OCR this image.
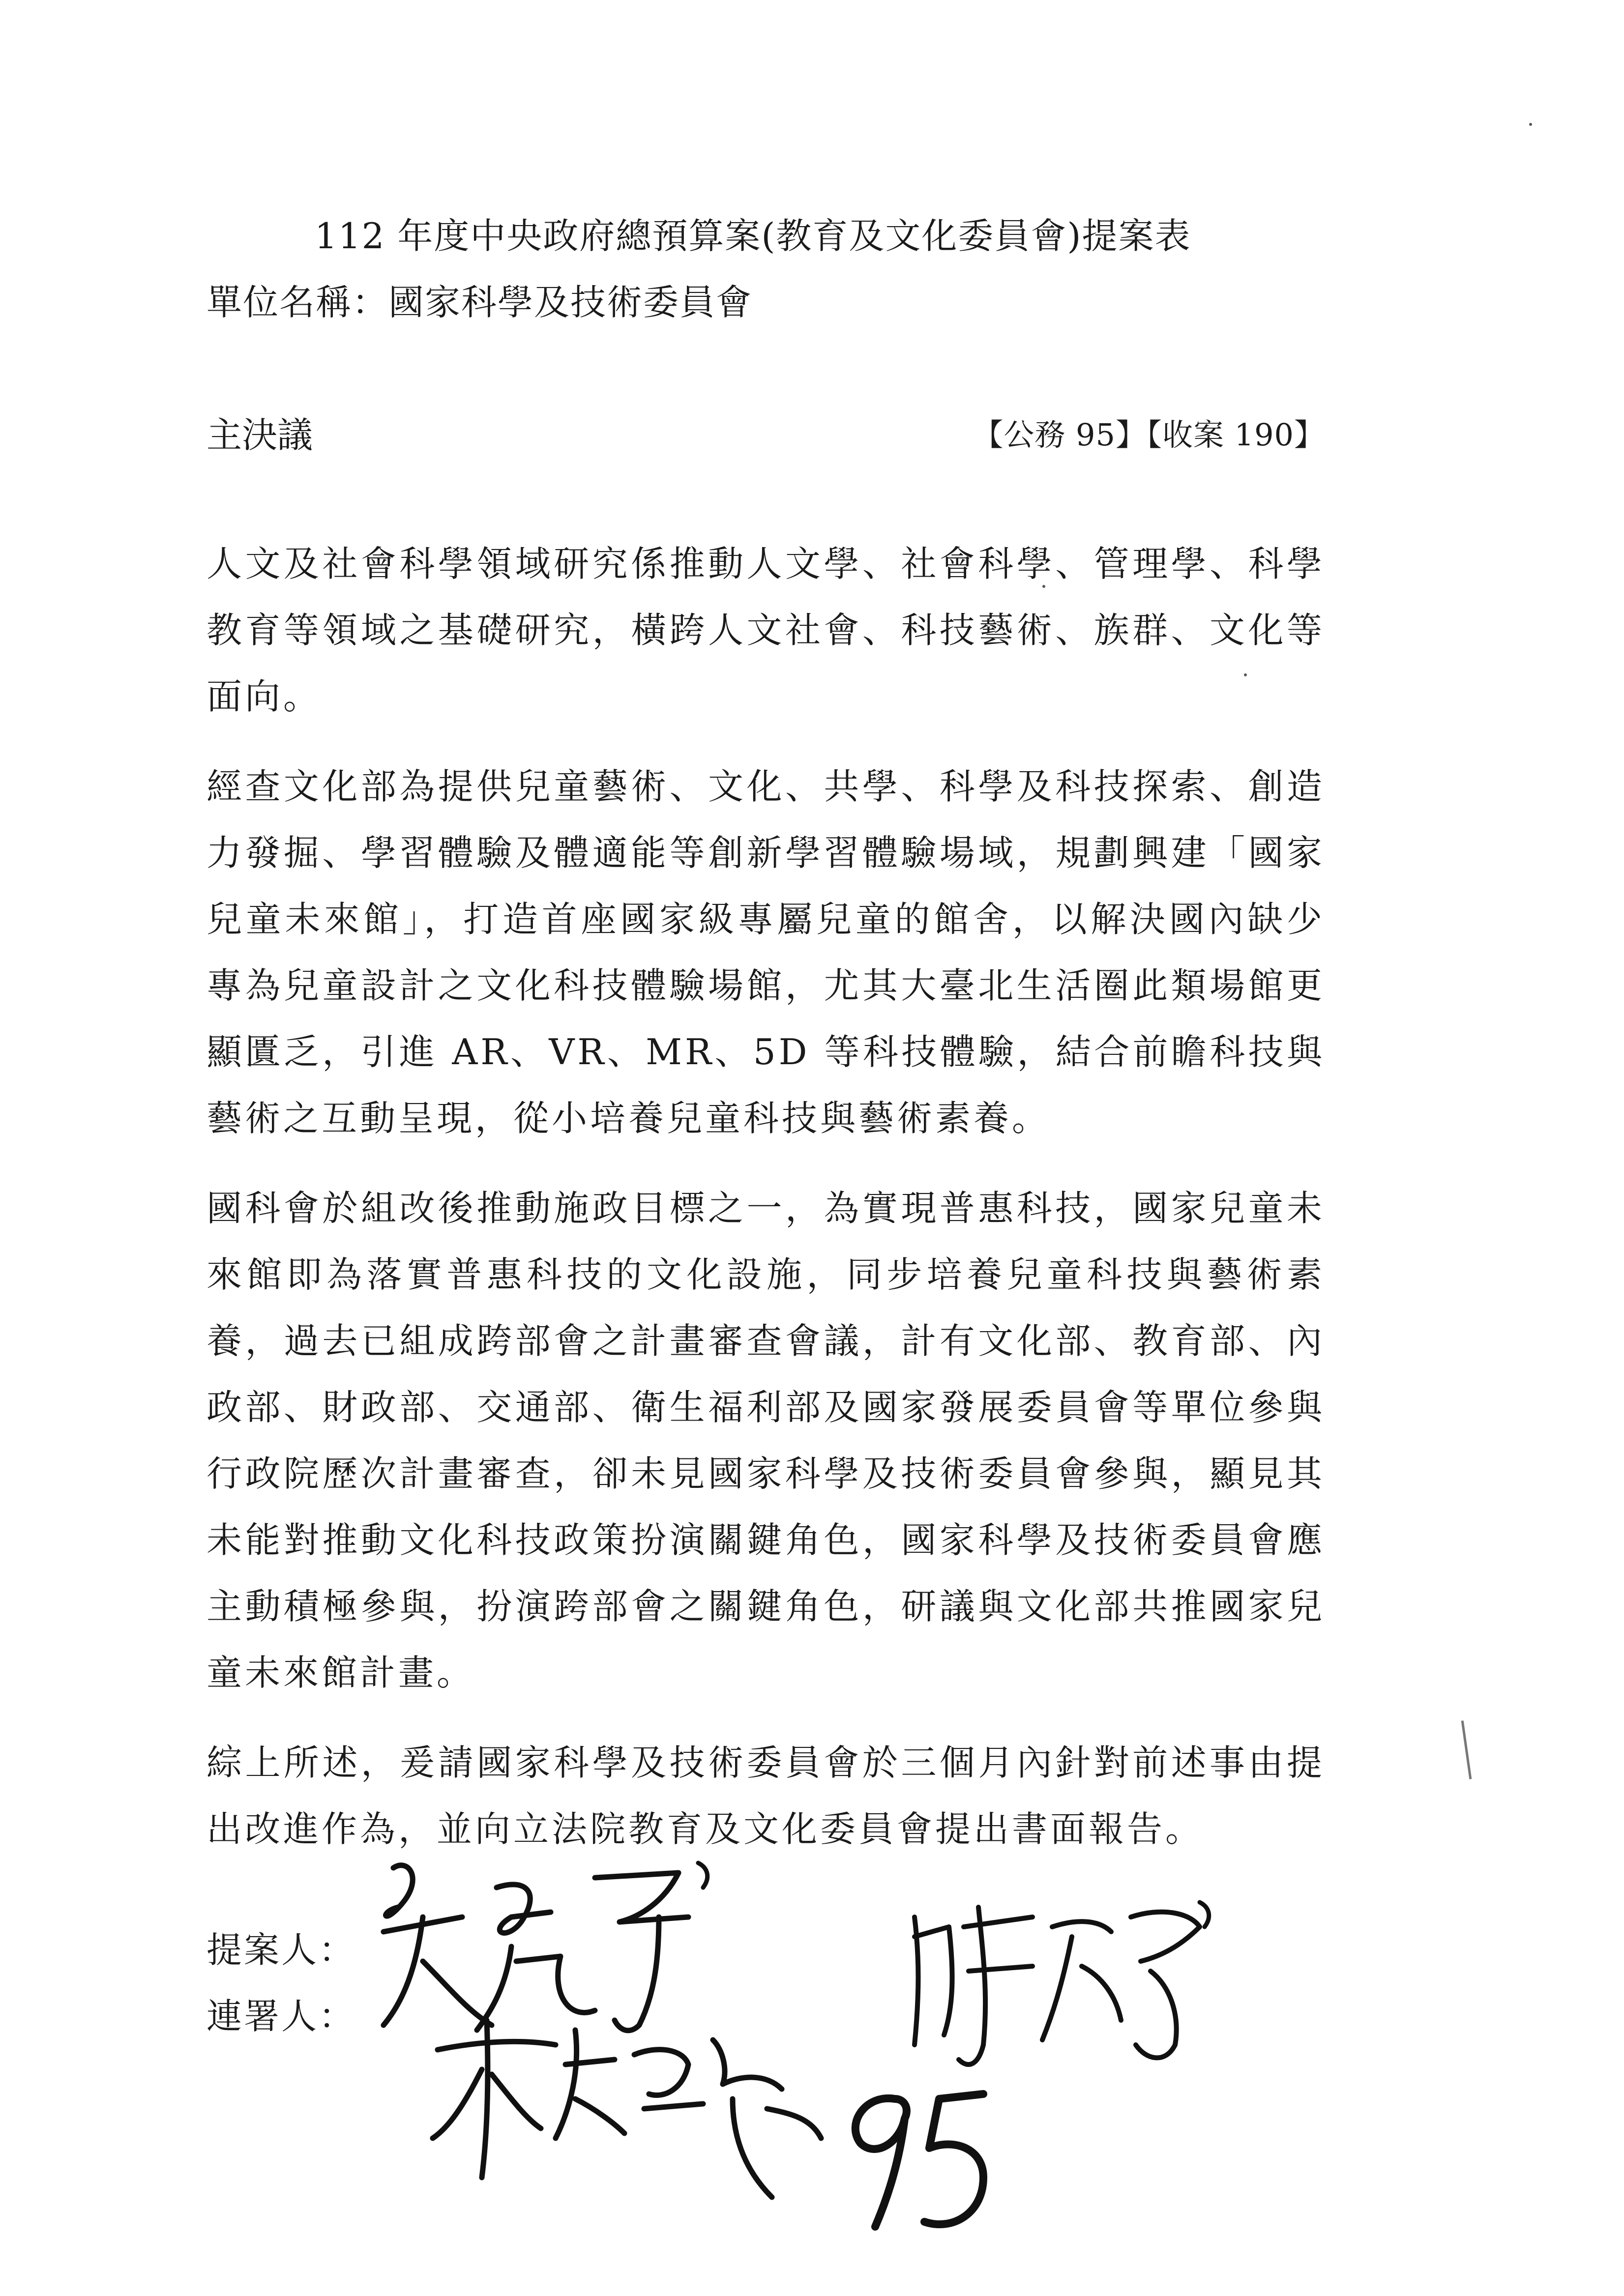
112 年度中央政府總預算案(教育及文化委員會)提案表
單位名稱：國家科學及技術委員會
主決議	【公務 95】【收案 190】

人文及社會科學領域研究係推動人文學、社會科學、管理學、科學教育等領域之基礎研究，橫跨人文社會、科技藝術、族群、文化等面向。

經查文化部為提供兒童藝術、文化、共學、科學及科技探索、創造力發掘、學習體驗及體適能等創新學習體驗場域，規劃興建「國家兒童未來館」，打造首座國家級專屬兒童的館舍，以解決國內缺少專為兒童設計之文化科技體驗場館，尤其大臺北生活圈此類場館更顯匱乏，引進 AR、VR、MR、5D 等科技體驗，結合前瞻科技與藝術之互動呈現，從小培養兒童科技與藝術素養。

國科會於組改後推動施政目標之一，為實現普惠科技，國家兒童未來館即為落實普惠科技的文化設施，同步培養兒童科技與藝術素養，過去已組成跨部會之計畫審查會議，計有文化部、教育部、內政部、財政部、交通部、衛生福利部及國家發展委員會等單位參與行政院歷次計畫審查，卻未見國家科學及技術委員會參與，顯見其未能對推動文化科技政策扮演關鍵角色，國家科學及技術委員會應主動積極參與，扮演跨部會之關鍵角色，研議與文化部共推國家兒童未來館計畫。

綜上所述，爰請國家科學及技術委員會於三個月內針對前述事由提出改進作為，並向立法院教育及文化委員會提出書面報告。

提案人：
連署人：
